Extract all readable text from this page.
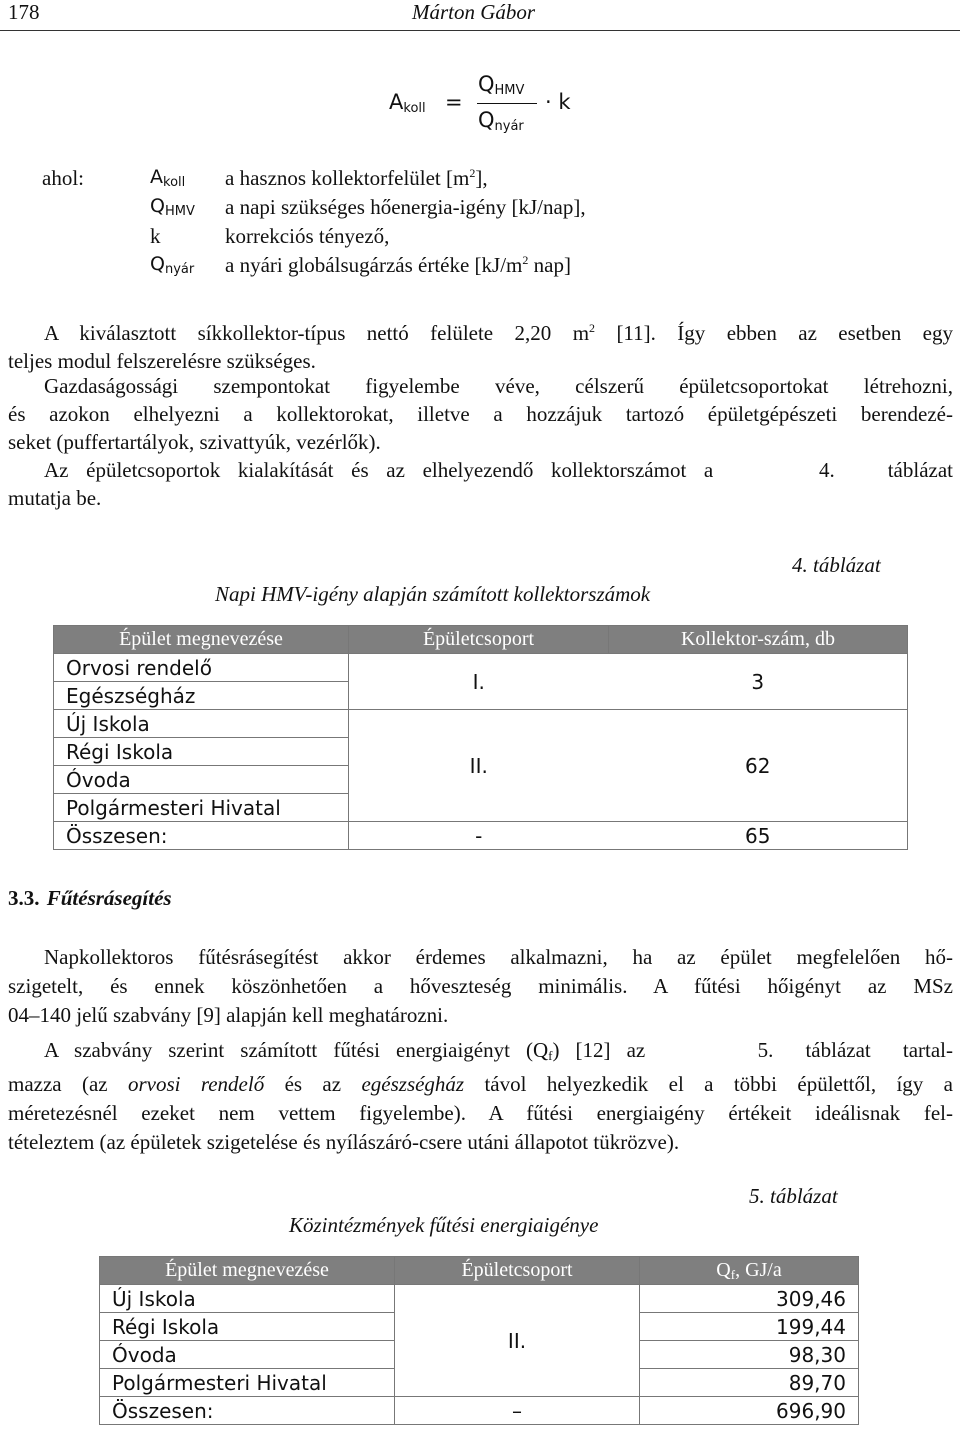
178	Márton Gábor
$A_{koll}$ =
$Q_{HMV}$
$Q_{nyár}$
· k
ahol:	$A_{koll}$ a hasznos kollektorfelület $[m^2]$,
$Q_{HMV}$ a napi szükséges hőenergia-igény [kJ/nap],
k	korrekciós tényező,
$Q_{nyár}$ a nyári globálsugárzás értéke [$kJ/m^2$ nap]
A kiválasztott síkkollektor-típus nettó felülete 2,20 $m^2$ [11]. Így ebben az esetben egy
teljes modul felszerelésre szükséges.
Gazdaságossági szempontokat figyelembe véve, célszerű épületcsoportokat létrehozni,
és azokon elhelyezni a kollektorokat, illetve a hozzájuk tartozó épületgépészeti berendezé-
seket (puffertartályok, szivattyúk, vezérlők).
Az épületcsoportok kialakítását és az elhelyezendő kollektorszámot a      4.   táblázat
mutatja be.
4. táblázat
Napi HMV-igény alapján számított kollektorszámok
Épület megnevezése	Épületcsoport	Kollektor-szám, db
Orvosi rendelő	I.	3
Egészségház		
Új Iskola	II.	62
Régi Iskola		
Óvoda		
Polgármesteri Hivatal		
Összesen:	-	65
3.3. Fűtésrásegítés
Napkollektoros fűtésrásegítést akkor érdemes alkalmazni, ha az épület megfelelően hő-
szigetelt, és ennek köszönhetően a hőveszteség minimális. A fűtési hőigényt az MSz
04‒140 jelű szabvány [9] alapján kell meghatározni.
A szabvány szerint számított fűtési energiaigényt $(Q_f)$ [12] az       5.  táblázat  tartal-
mazza (az orvosi rendelő és az egészségház távol helyezkedik el a többi épülettől, így a
méretezésnél ezeket nem vettem figyelembe). A fűtési energiaigény értékeit ideálisnak fel-
tételeztem (az épületek szigetelése és nyílászáró-csere utáni állapotot tükrözve).
5. táblázat
Közintézmények fűtési energiaigénye
Épület megnevezése	Épületcsoport	$Q_f$, GJ/a
Új Iskola	II.	309,46
Régi Iskola		199,44
Óvoda		98,30
Polgármesteri Hivatal		89,70
Összesen:	–	696,90
